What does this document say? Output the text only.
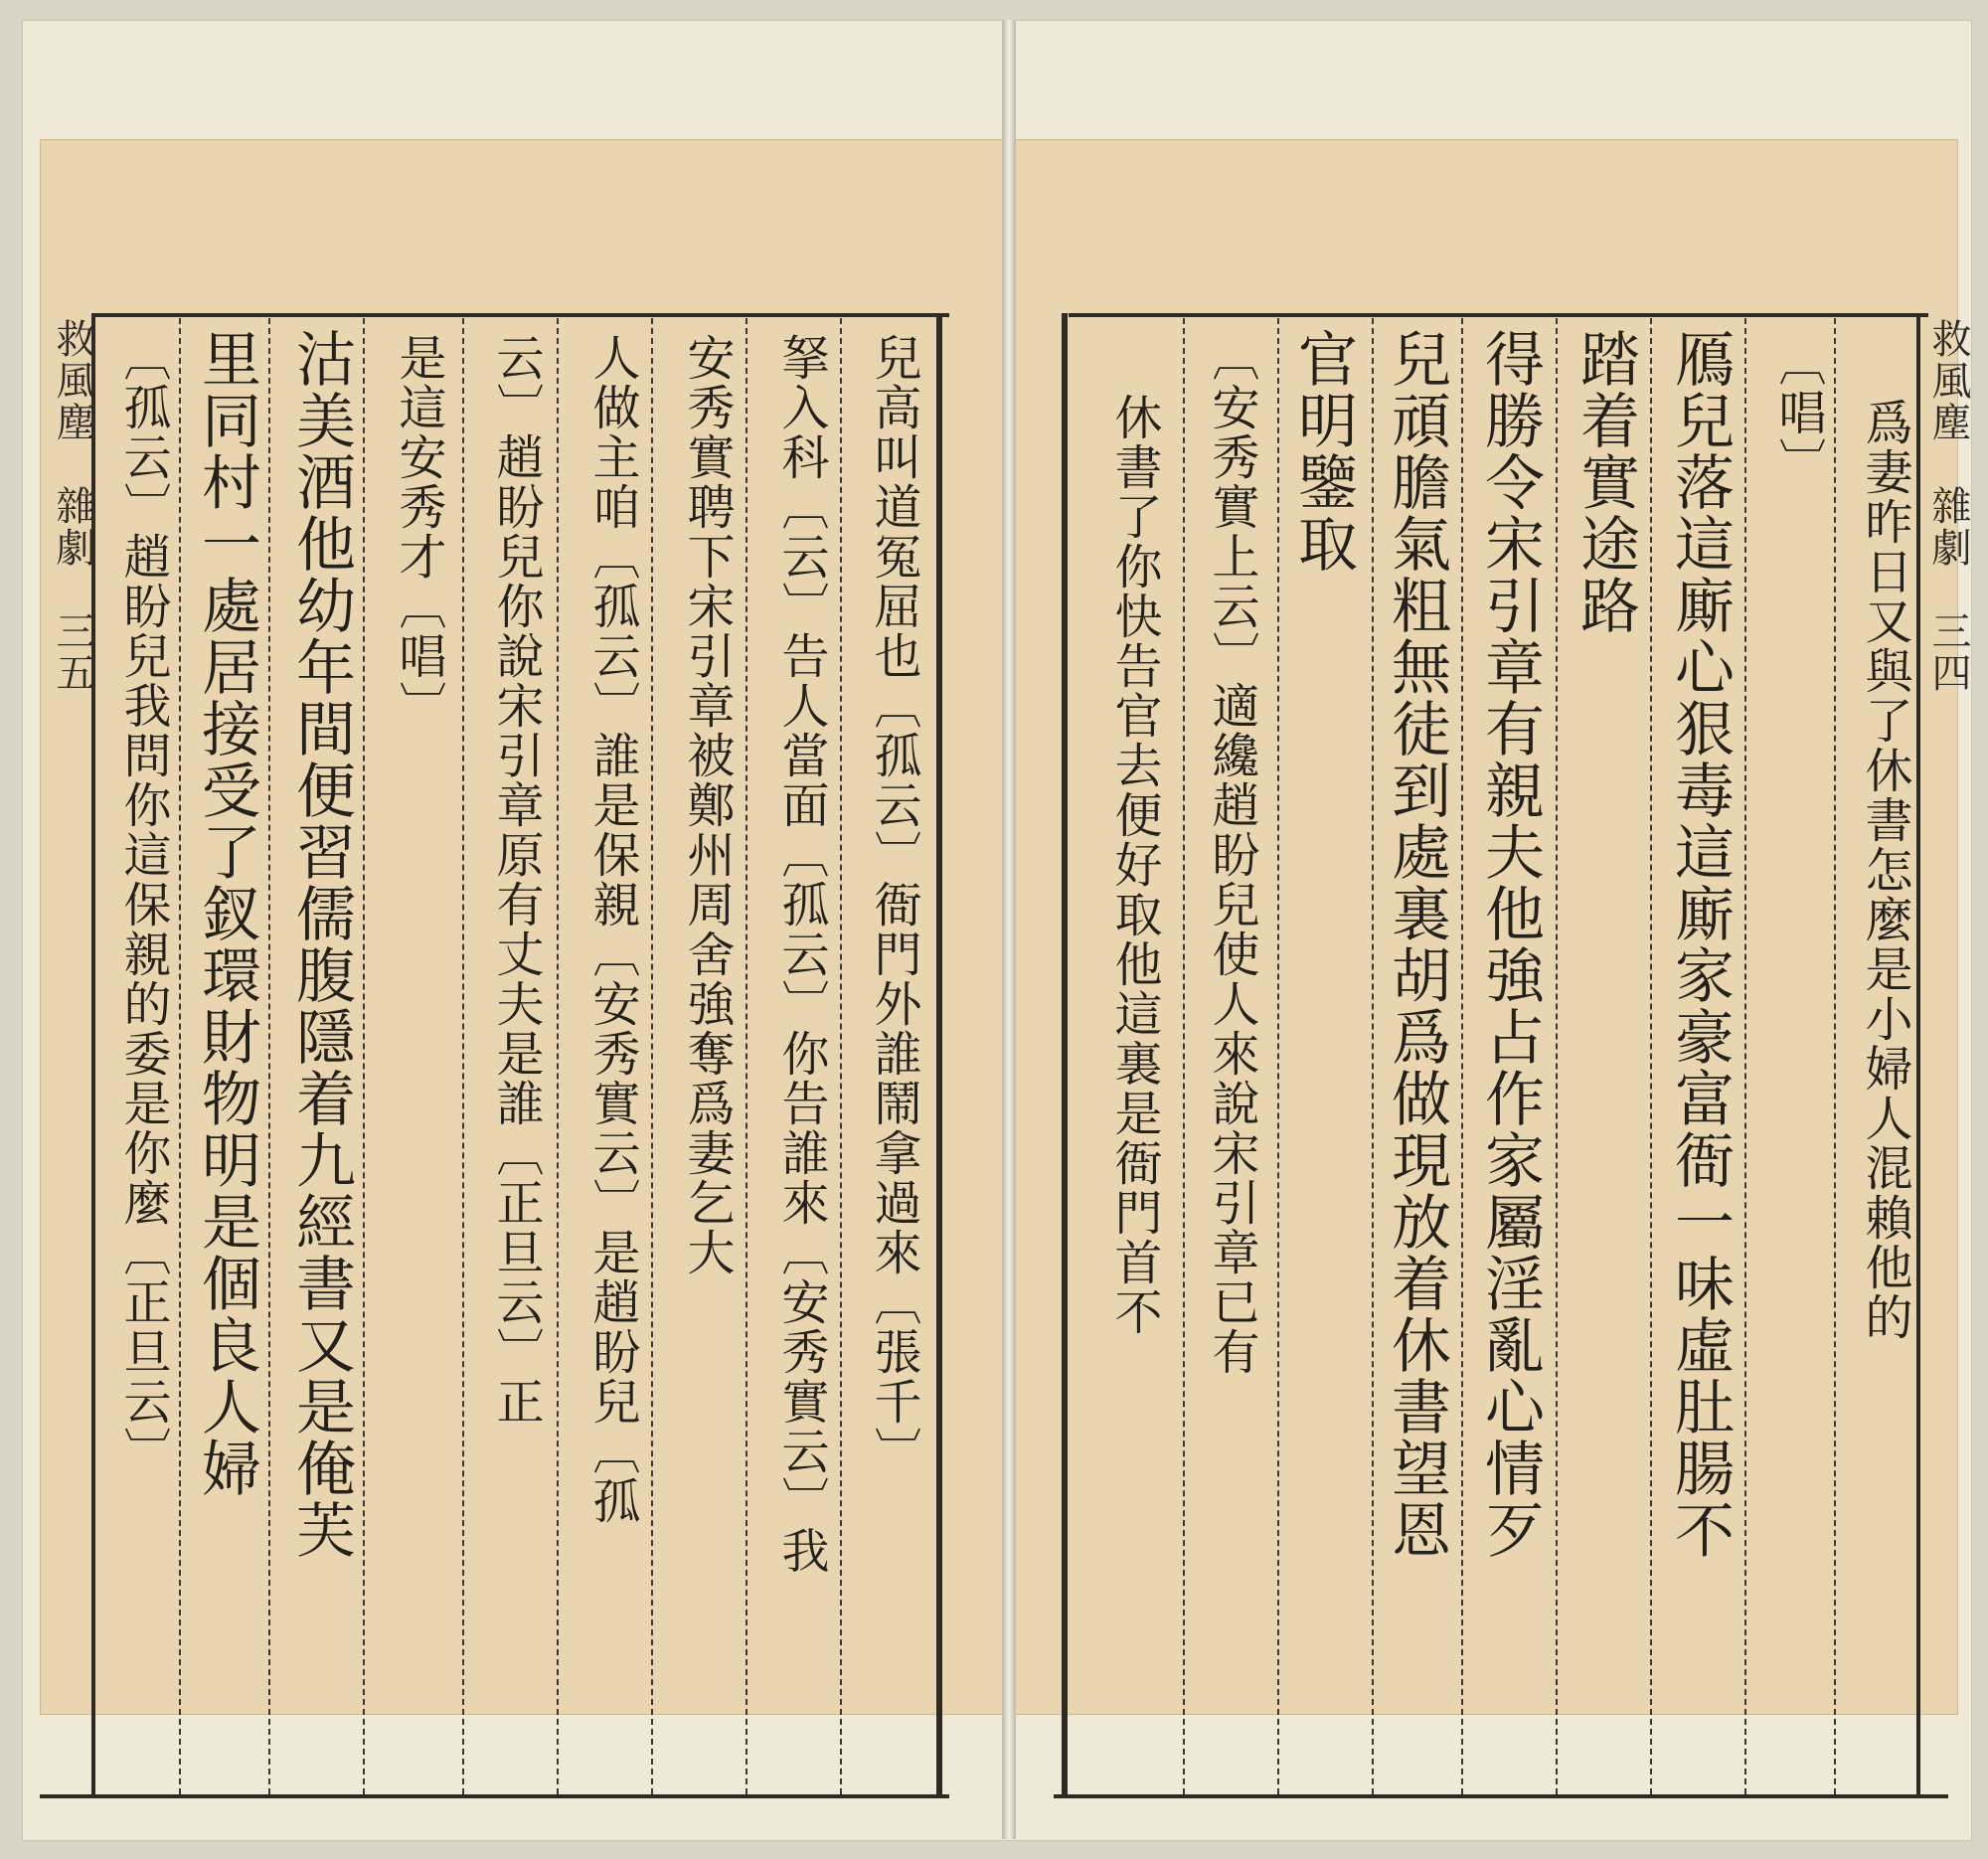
救風塵　雜劇　三五	兒高叫道冤屈也〔孤云〕衙門外誰鬧拿過來〔張千〕
拏入科〔云〕告人當面〔孤云〕你告誰來〔安秀實云〕我
安秀實聘下宋引章被鄭州周舍強奪爲妻乞大
人做主咱〔孤云〕誰是保親〔安秀實云〕是趙盼兒〔孤
云〕趙盼兒你說宋引章原有丈夫是誰〔正旦云〕正
是這安秀才〔唱〕
沽美酒他幼年間便習儒腹隱着九經書又是俺芙
里同村一處居接受了釵環財物明是個良人婦
〔孤云〕趙盼兒我問你這保親的委是你麼〔正旦云〕	救風塵　雜劇　三四
爲妻昨日又與了休書怎麼是小婦人混賴他的
〔唱〕
鴈兒落這廝心狠毒這廝家豪富衙一味虛肚腸不
踏着實途路
得勝令宋引章有親夫他強占作家屬淫亂心情歹
兒頑膽氣粗無徒到處裏胡爲做現放着休書望恩
官明鑒取
〔安秀實上云〕適纔趙盼兒使人來說宋引章已有
休書了你快告官去便好取他這裏是衙門首不
